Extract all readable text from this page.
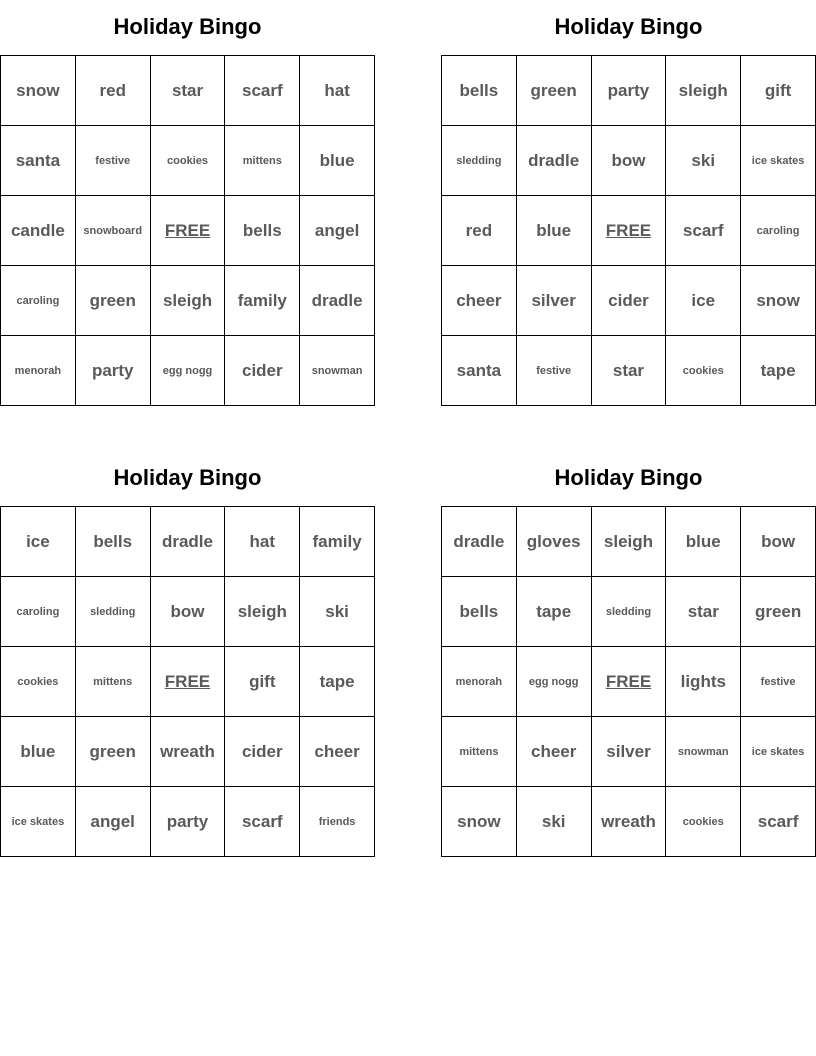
Holiday Bingo
snow	red	star	scarf	hat
santa	festive	cookies	mittens	blue
candle	snowboard	FREE	bells	angel
caroling	green	sleigh	family	dradle
menorah	party	egg nogg	cider	snowman
Holiday Bingo
bells	green	party	sleigh	gift
sledding	dradle	bow	ski	ice skates
red	blue	FREE	scarf	caroling
cheer	silver	cider	ice	snow
santa	festive	star	cookies	tape
Holiday Bingo
ice	bells	dradle	hat	family
caroling	sledding	bow	sleigh	ski
cookies	mittens	FREE	gift	tape
blue	green	wreath	cider	cheer
ice skates	angel	party	scarf	friends
Holiday Bingo
dradle	gloves	sleigh	blue	bow
bells	tape	sledding	star	green
menorah	egg nogg	FREE	lights	festive
mittens	cheer	silver	snowman	ice skates
snow	ski	wreath	cookies	scarf
